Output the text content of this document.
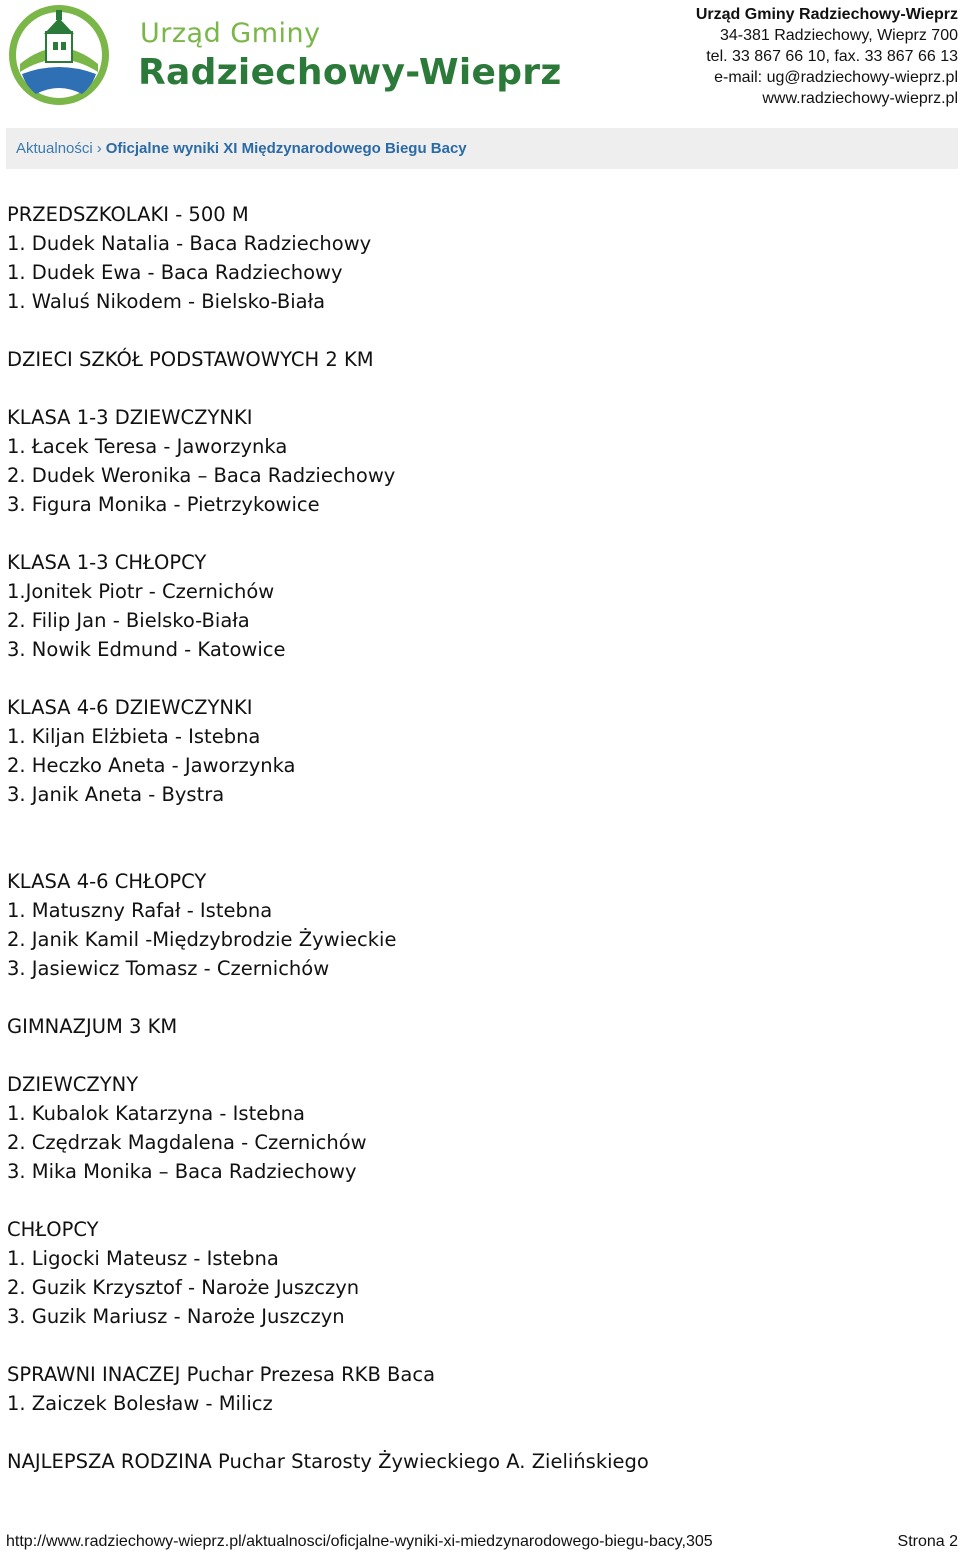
Urząd Gminy
Radziechowy-Wieprz
Urząd Gminy Radziechowy-Wieprz
34-381 Radziechowy, Wieprz 700
tel. 33 867 66 10, fax. 33 867 66 13
e-mail: ug@radziechowy-wieprz.pl
www.radziechowy-wieprz.pl
Aktualności › Oficjalne wyniki XI Międzynarodowego Biegu Bacy
PRZEDSZKOLAKI - 500 M
1. Dudek Natalia - Baca Radziechowy
1. Dudek Ewa - Baca Radziechowy
1. Waluś Nikodem - Bielsko-Biała
DZIECI SZKÓŁ PODSTAWOWYCH 2 KM
KLASA 1-3 DZIEWCZYNKI
1. Łacek Teresa - Jaworzynka
2. Dudek Weronika – Baca Radziechowy
3. Figura Monika - Pietrzykowice
KLASA 1-3 CHŁOPCY
1.Jonitek Piotr - Czernichów
2. Filip Jan - Bielsko-Biała
3. Nowik Edmund - Katowice
KLASA 4-6 DZIEWCZYNKI
1. Kiljan Elżbieta - Istebna
2. Heczko Aneta - Jaworzynka
3. Janik Aneta - Bystra
KLASA 4-6 CHŁOPCY
1. Matuszny Rafał - Istebna
2. Janik Kamil -Międzybrodzie Żywieckie
3. Jasiewicz Tomasz - Czernichów
GIMNAZJUM 3 KM
DZIEWCZYNY
1. Kubalok Katarzyna - Istebna
2. Czędrzak Magdalena - Czernichów
3. Mika Monika – Baca Radziechowy
CHŁOPCY
1. Ligocki Mateusz - Istebna
2. Guzik Krzysztof - Naroże Juszczyn
3. Guzik Mariusz - Naroże Juszczyn
SPRAWNI INACZEJ Puchar Prezesa RKB Baca
1. Zaiczek Bolesław - Milicz
NAJLEPSZA RODZINA Puchar Starosty Żywieckiego A. Zielińskiego
http://www.radziechowy-wieprz.pl/aktualnosci/oficjalne-wyniki-xi-miedzynarodowego-biegu-bacy,305	Strona 2
